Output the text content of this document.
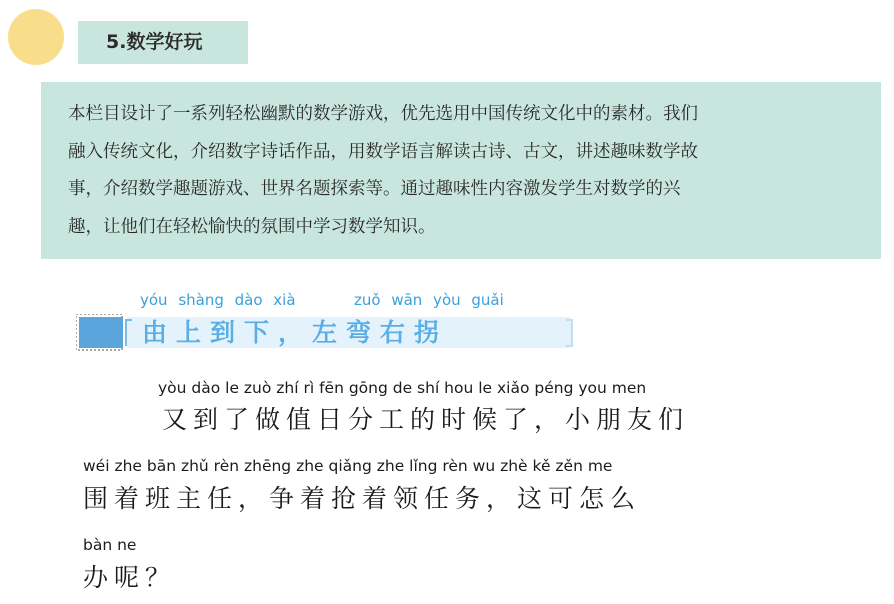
5.数学好玩
本栏目设计了一系列轻松幽默的数学游戏，优先选用中国传统文化中的素材。我们
融入传统文化，介绍数字诗话作品，用数学语言解读古诗、古文，讲述趣味数学故
事，介绍数学趣题游戏、世界名题探索等。通过趣味性内容激发学生对数学的兴
趣，让他们在轻松愉快的氛围中学习数学知识。
yóu shàng dào xià	zuǒ wān yòu guǎi
由上到下，左弯右拐
yòu dào le zuò zhí rì fēn gōng de shí hou le xiǎo péng you men
又到了做值日分工的时候了，小朋友们
wéi zhe bān zhǔ rèn zhēng zhe qiǎng zhe lǐng rèn wu zhè kě zěn me
围着班主任，争着抢着领任务，这可怎么
bàn ne
办呢？
